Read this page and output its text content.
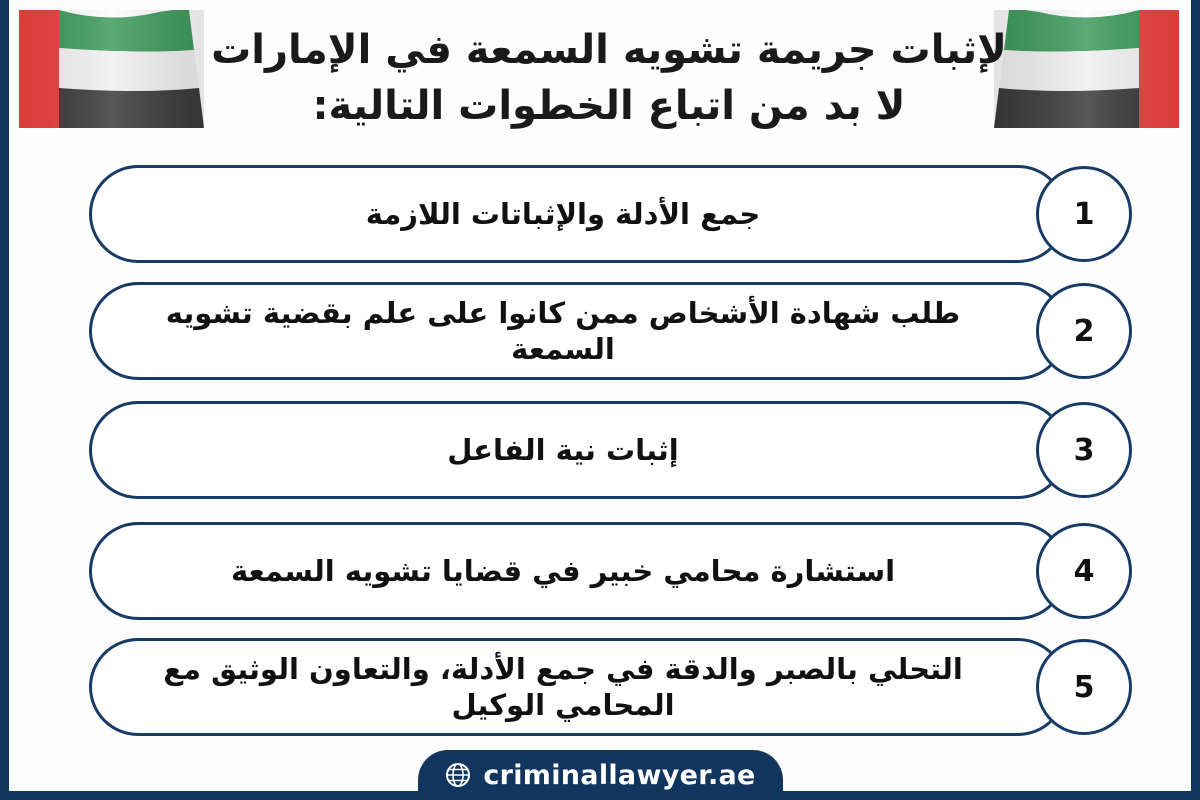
لإثبات جريمة تشويه السمعة في الإمارات
لا بد من اتباع الخطوات التالية:
جمع الأدلة والإثباتات اللازمة	1
طلب شهادة الأشخاص ممن كانوا على علم بقضية تشويه السمعة
2
إثبات نية الفاعل	3
استشارة محامي خبير في قضايا تشويه السمعة	4
التحلي بالصبر والدقة في جمع الأدلة، والتعاون الوثيق مع المحامي الوكيل
5
criminallawyer.ae
